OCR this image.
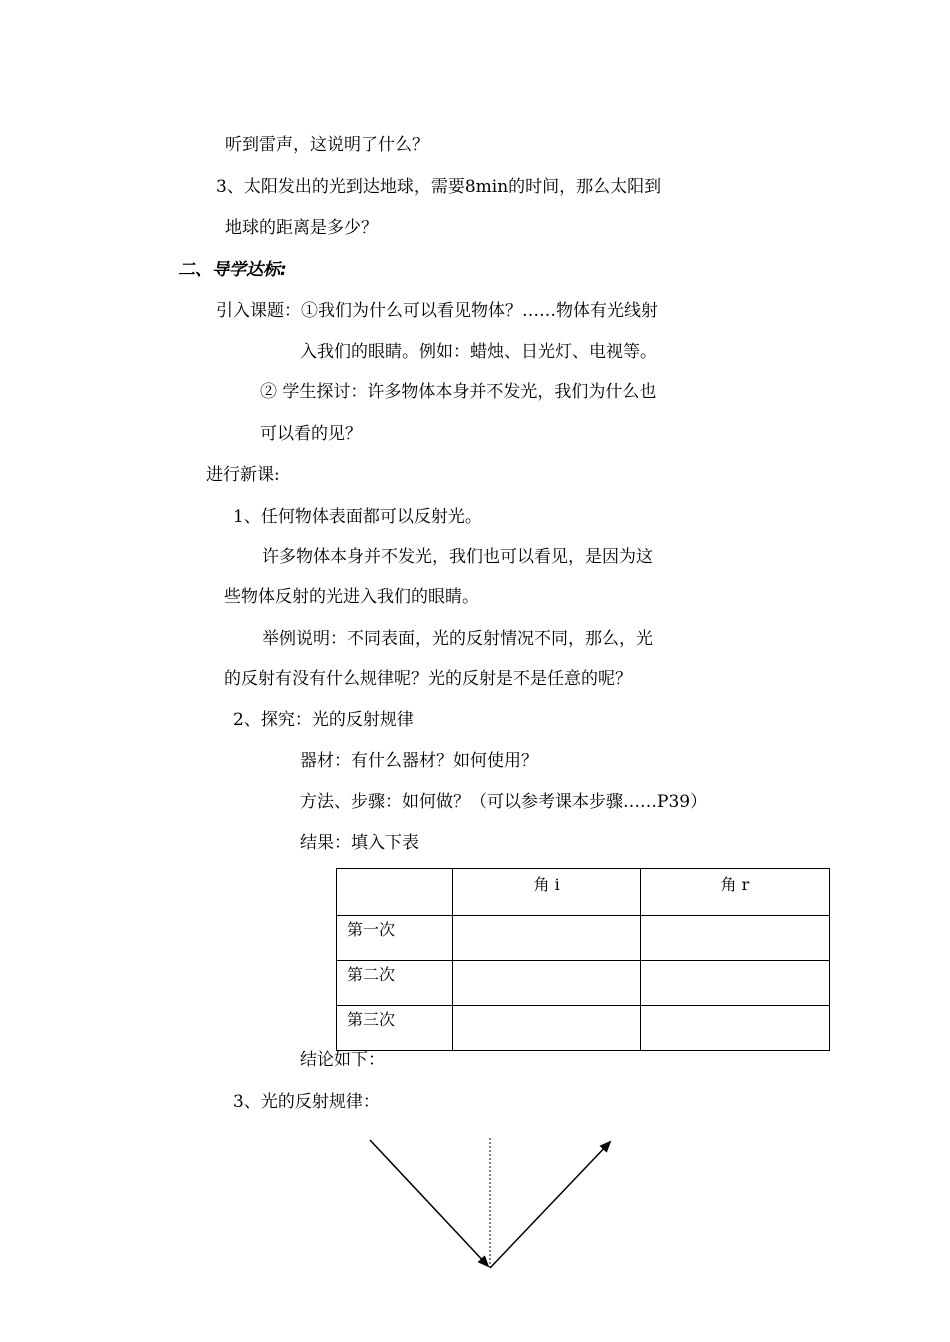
听到雷声，这说明了什么？
3、太阳发出的光到达地球，需要8min的时间，那么太阳到
地球的距离是多少？
二、导学达标:
引入课题：①我们为什么可以看见物体？……物体有光线射
入我们的眼睛。例如：蜡烛、日光灯、电视等。
② 学生探讨：许多物体本身并不发光，我们为什么也
可以看的见？
进行新课:
1、任何物体表面都可以反射光。
许多物体本身并不发光，我们也可以看见，是因为这
些物体反射的光进入我们的眼睛。
举例说明：不同表面，光的反射情况不同，那么，光
的反射有没有什么规律呢？光的反射是不是任意的呢？
2、探究：光的反射规律
器材：有什么器材？如何使用？
方法、步骤：如何做？（可以参考课本步骤……P39）
结果：填入下表
	角 i	角 r
第一次		
第二次		
第三次		
结论如下：
3、光的反射规律：
